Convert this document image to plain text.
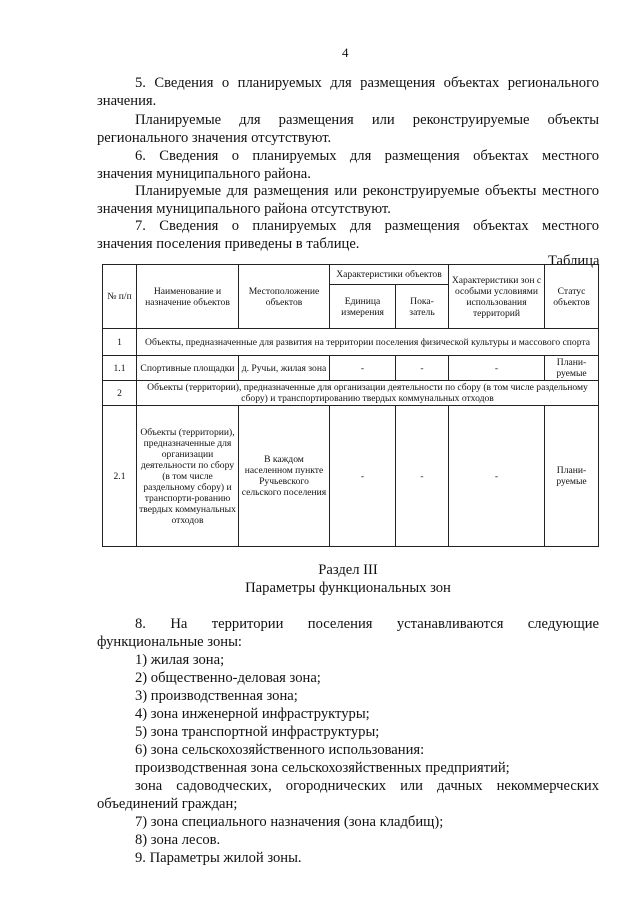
4
5. Сведения о планируемых для размещения объектах регионального
значения.
Планируемые для размещения или реконструируемые объекты
регионального значения отсутствуют.
6. Сведения о планируемых для размещения объектах местного
значения муниципального района.
Планируемые для размещения или реконструируемые объекты местного
значения муниципального района отсутствуют.
7. Сведения о планируемых для размещения объектах местного
значения поселения приведены в таблице.
Таблица
№ п/п	Наименование и назначение объектов	Местоположение объектов	Характеристики объектов		Характеристики зон с особыми условиями использования территорий	Статус объектов
			Единица измерения	Пока-затель		
1	Объекты, предназначенные для развития на территории поселения физической культуры и массового спорта					
1.1	Спортивные площадки	д. Ручьи, жилая зона	-	-	-	Плани-руемые
2	Объекты (территории), предназначенные для организации деятельности по сбору (в том числе раздельному сбору) и транспортированию твердых коммунальных отходов					
2.1	Объекты (территории), предназначенные для организации деятельности по сбору (в том числе раздельному сбору) и транспорти-рованию твердых коммунальных отходов	В каждом населенном пункте Ручьевского сельского поселения	-	-	-	Плани-руемые
Раздел III
Параметры функциональных зон
8. На территории поселения устанавливаются следующие
функциональные зоны:
1) жилая зона;
2) общественно-деловая зона;
3) производственная зона;
4) зона инженерной инфраструктуры;
5) зона транспортной инфраструктуры;
6) зона сельскохозяйственного использования:
производственная зона сельскохозяйственных предприятий;
зона садоводческих, огороднических или дачных некоммерческих
объединений граждан;
7) зона специального назначения (зона кладбищ);
8) зона лесов.
9. Параметры жилой зоны.
